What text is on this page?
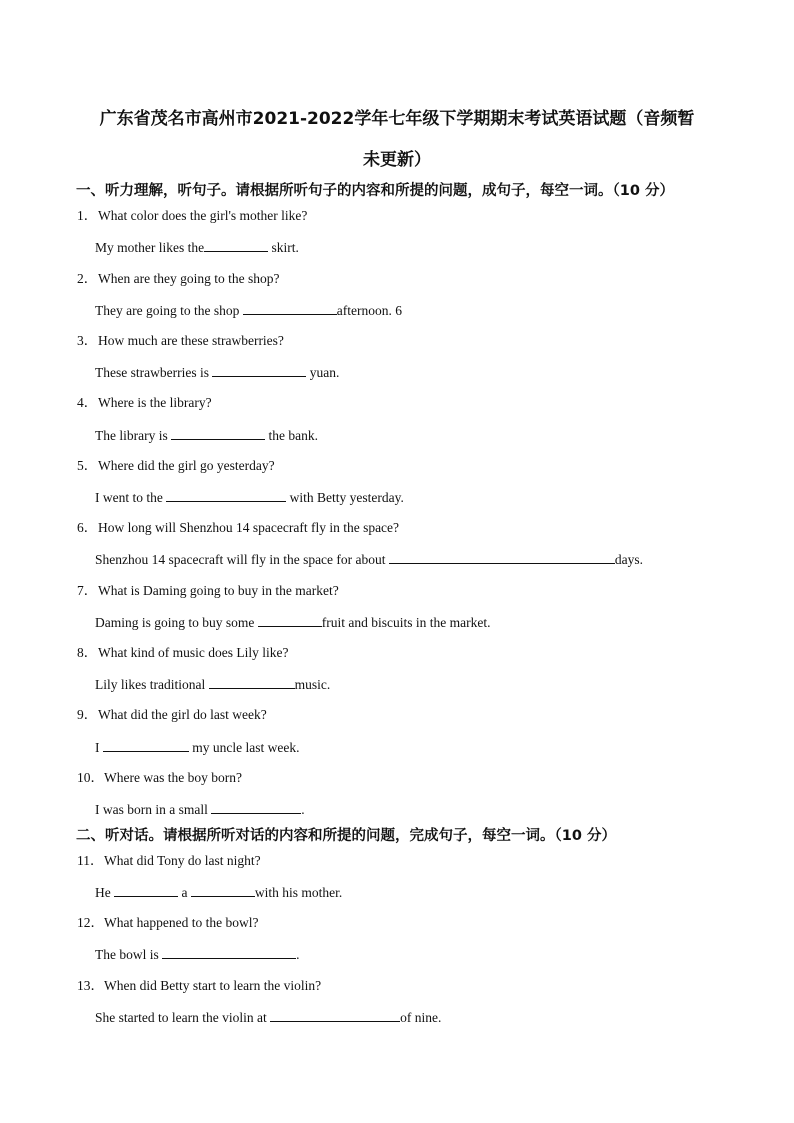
广东省茂名市高州市2021-2022学年七年级下学期期末考试英语试题（音频暂
未更新）
一、听力理解，听句子。请根据所听句子的内容和所提的问题，成句子，每空一词。（10 分）
1．What color does the girl's mother like?
My mother likes the	skirt.
2．When are they going to the shop?
They are going to the shop	afternoon. 6
3．How much are these strawberries?
These strawberries is	yuan.
4．Where is the library?
The library is	the bank.
5．Where did the girl go yesterday?
I went to the	with Betty yesterday.
6．How long will Shenzhou 14 spacecraft fly in the space?
Shenzhou 14 spacecraft will fly in the space for about	days.
7．What is Daming going to buy in the market?
Daming is going to buy some	fruit and biscuits in the market.
8．What kind of music does Lily like?
Lily likes traditional	music.
9．What did the girl do last week?
I	my uncle last week.
10．Where was the boy born?
I was born in a small	.
二、听对话。请根据所听对话的内容和所提的问题，完成句子，每空一词。（10 分）
11．What did Tony do last night?
He	a	with his mother.
12．What happened to the bowl?
The bowl is	.
13．When did Betty start to learn the violin?
She started to learn the violin at	of nine.
